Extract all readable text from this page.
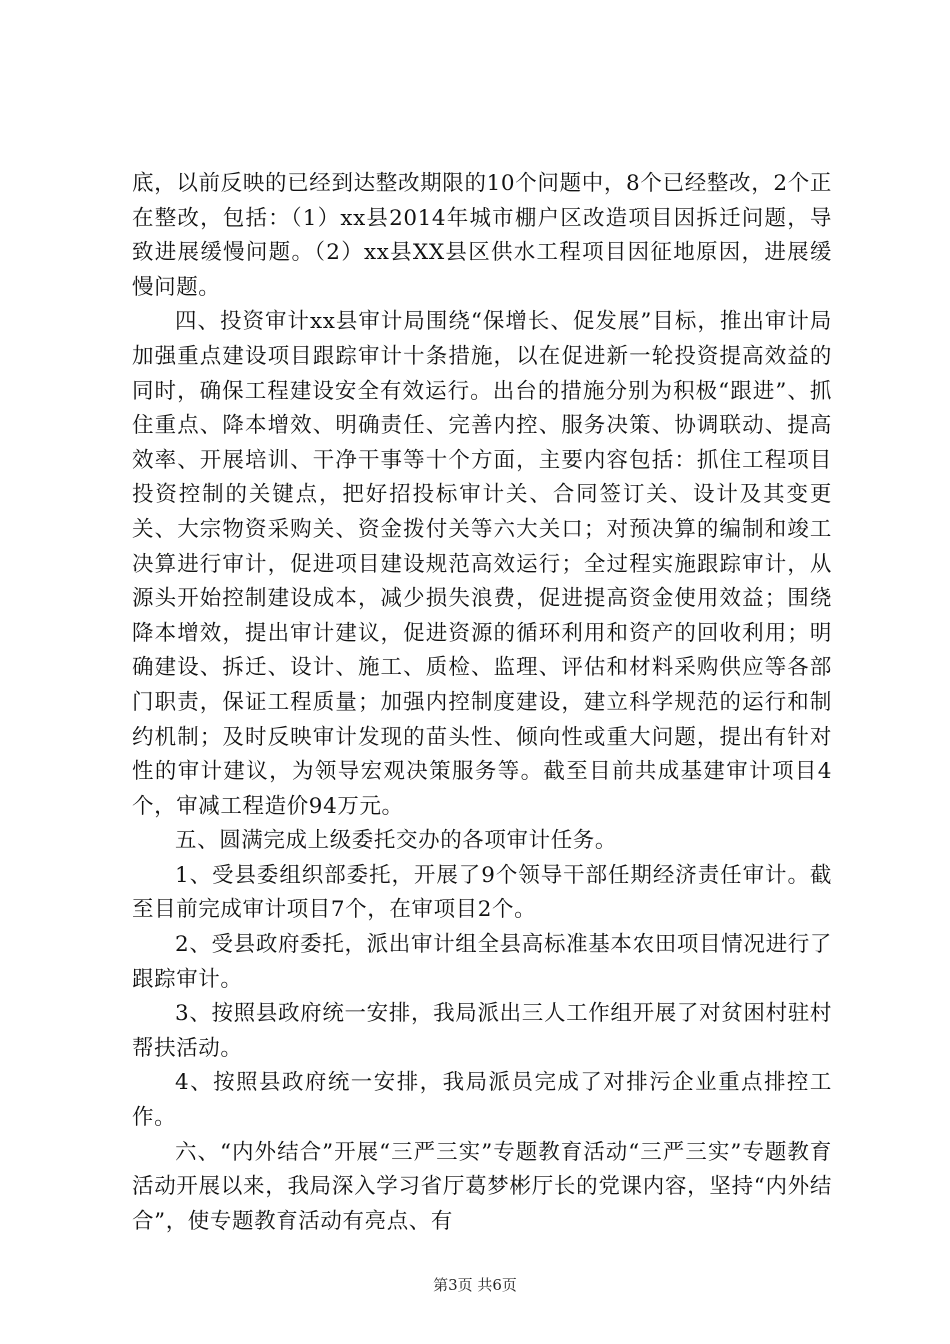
底，以前反映的已经到达整改期限的10个问题中，8个已经整改，2个正在整改，包括：（1）xx县2014年城市棚户区改造项目因拆迁问题，导致进展缓慢问题。（2）xx县XX县区供水工程项目因征地原因，进展缓慢问题。

四、投资审计xx县审计局围绕“保增长、促发展”目标，推出审计局加强重点建设项目跟踪审计十条措施，以在促进新一轮投资提高效益的同时，确保工程建设安全有效运行。出台的措施分别为积极“跟进”、抓住重点、降本增效、明确责任、完善内控、服务决策、协调联动、提高效率、开展培训、干净干事等十个方面，主要内容包括：抓住工程项目投资控制的关键点，把好招投标审计关、合同签订关、设计及其变更关、大宗物资采购关、资金拨付关等六大关口；对预决算的编制和竣工决算进行审计，促进项目建设规范高效运行；全过程实施跟踪审计，从源头开始控制建设成本，减少损失浪费，促进提高资金使用效益；围绕降本增效，提出审计建议，促进资源的循环利用和资产的回收利用；明确建设、拆迁、设计、施工、质检、监理、评估和材料采购供应等各部门职责，保证工程质量；加强内控制度建设，建立科学规范的运行和制约机制；及时反映审计发现的苗头性、倾向性或重大问题，提出有针对性的审计建议，为领导宏观决策服务等。截至目前共成基建审计项目4个，审减工程造价94万元。

五、圆满完成上级委托交办的各项审计任务。

1、受县委组织部委托，开展了9个领导干部任期经济责任审计。截至目前完成审计项目7个，在审项目2个。

2、受县政府委托，派出审计组全县高标准基本农田项目情况进行了跟踪审计。

3、按照县政府统一安排，我局派出三人工作组开展了对贫困村驻村帮扶活动。

4、按照县政府统一安排，我局派员完成了对排污企业重点排控工作。

六、“内外结合”开展“三严三实”专题教育活动“三严三实”专题教育活动开展以来，我局深入学习省厅葛梦彬厅长的党课内容，坚持“内外结合”，使专题教育活动有亮点、有

第3页 共6页
